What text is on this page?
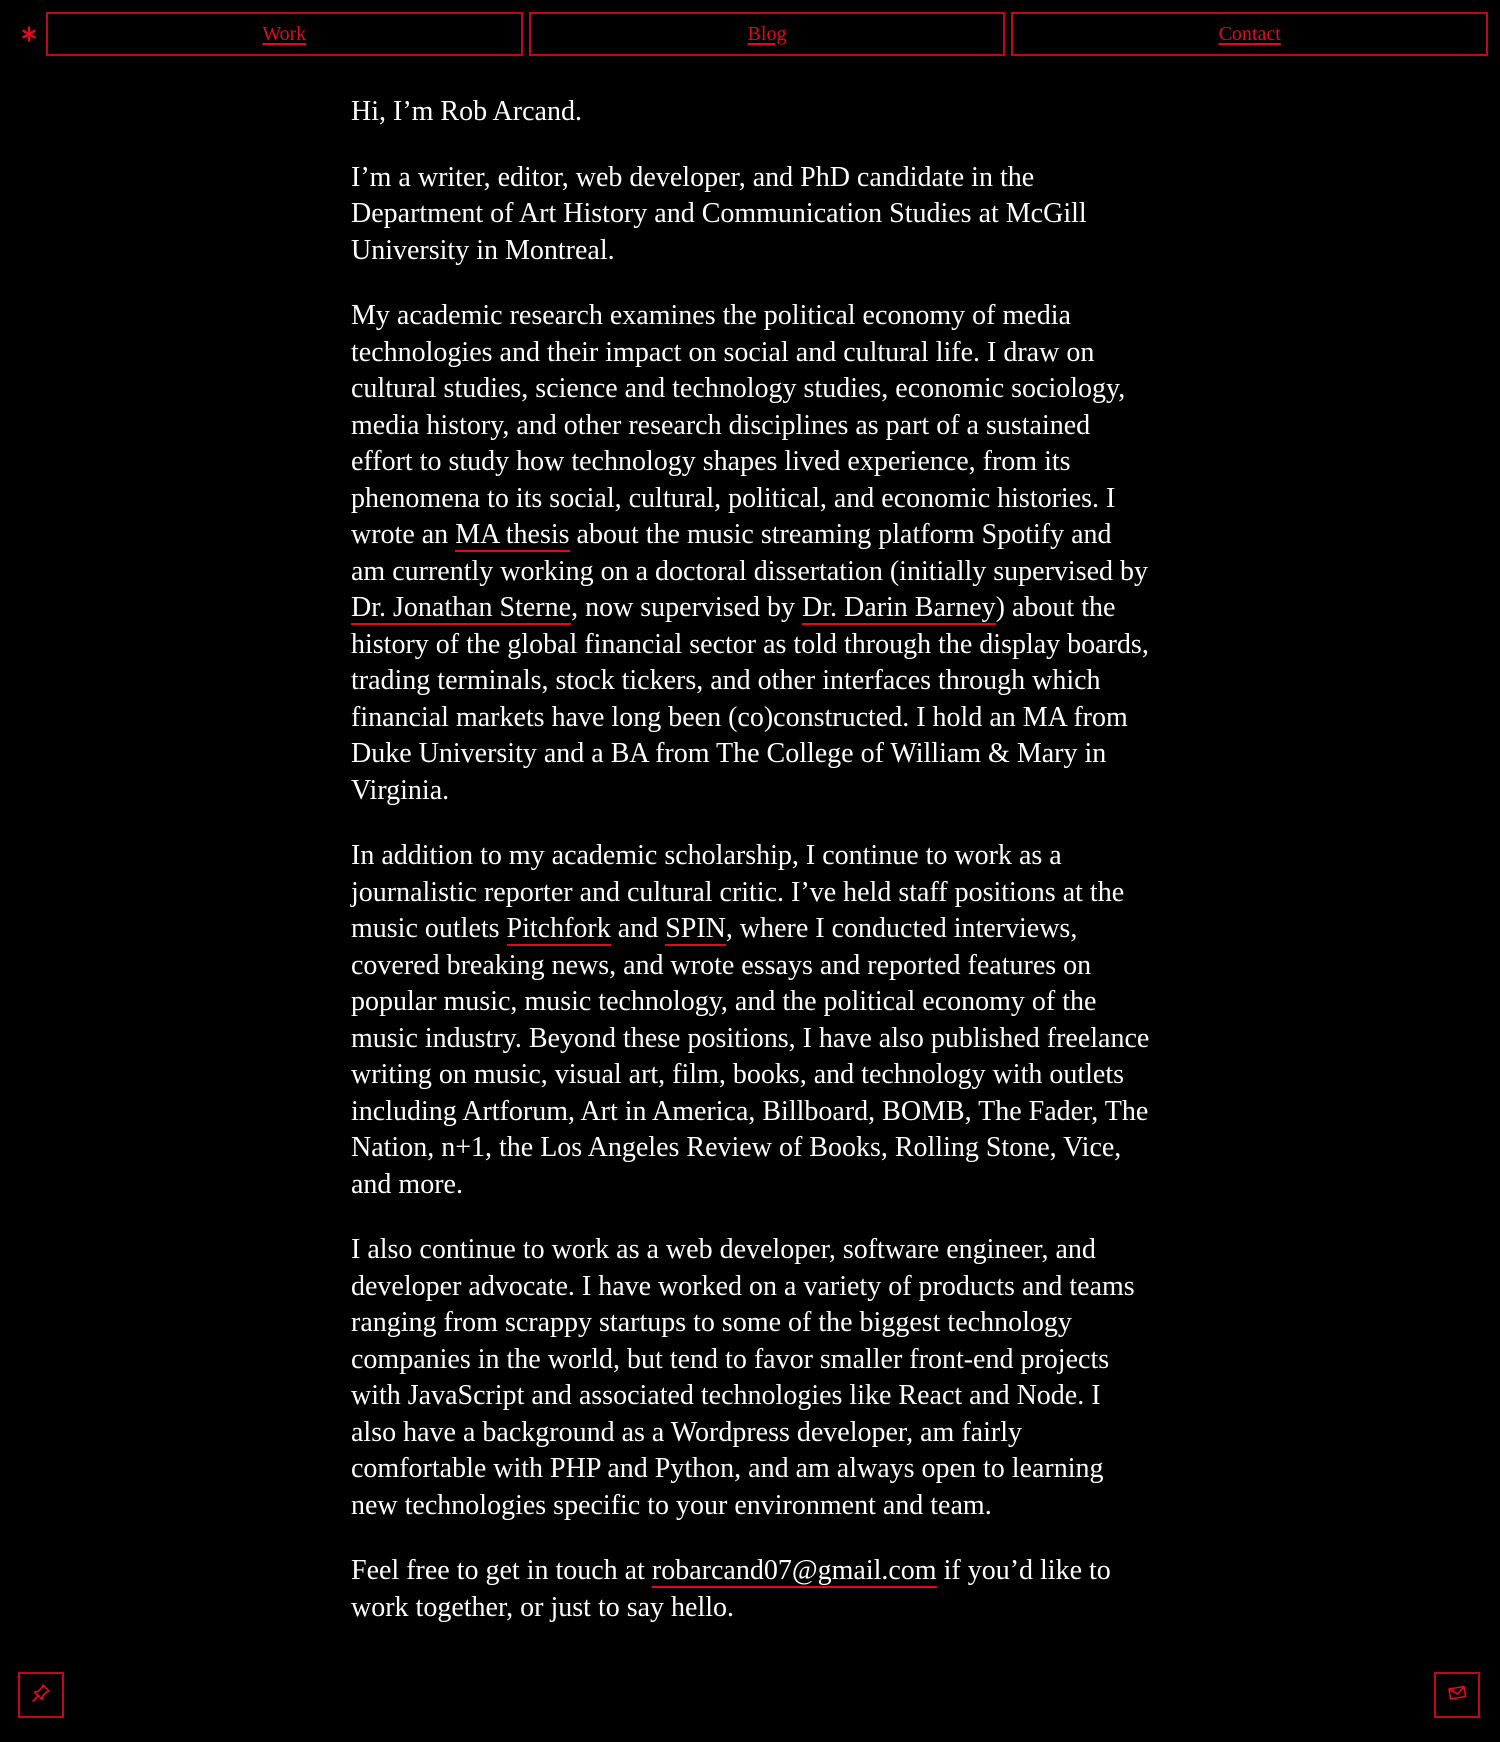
Work	Blog	Contact

Hi, I’m Rob Arcand.

I’m a writer, editor, web developer, and PhD candidate in the Department of Art History and Communication Studies at McGill University in Montreal.

My academic research examines the political economy of media technologies and their impact on social and cultural life. I draw on cultural studies, science and technology studies, economic sociology, media history, and other research disciplines as part of a sustained effort to study how technology shapes lived experience, from its phenomena to its social, cultural, political, and economic histories. I wrote an MA thesis about the music streaming platform Spotify and am currently working on a doctoral dissertation (initially supervised by Dr. Jonathan Sterne, now supervised by Dr. Darin Barney) about the history of the global financial sector as told through the display boards, trading terminals, stock tickers, and other interfaces through which financial markets have long been (co)constructed. I hold an MA from Duke University and a BA from The College of William & Mary in Virginia.

In addition to my academic scholarship, I continue to work as a journalistic reporter and cultural critic. I’ve held staff positions at the music outlets Pitchfork and SPIN, where I conducted interviews, covered breaking news, and wrote essays and reported features on popular music, music technology, and the political economy of the music industry. Beyond these positions, I have also published freelance writing on music, visual art, film, books, and technology with outlets including Artforum, Art in America, Billboard, BOMB, The Fader, The Nation, n+1, the Los Angeles Review of Books, Rolling Stone, Vice, and more.

I also continue to work as a web developer, software engineer, and developer advocate. I have worked on a variety of products and teams ranging from scrappy startups to some of the biggest technology companies in the world, but tend to favor smaller front-end projects with JavaScript and associated technologies like React and Node. I also have a background as a Wordpress developer, am fairly comfortable with PHP and Python, and am always open to learning new technologies specific to your environment and team.

Feel free to get in touch at robarcand07@gmail.com if you’d like to work together, or just to say hello.
